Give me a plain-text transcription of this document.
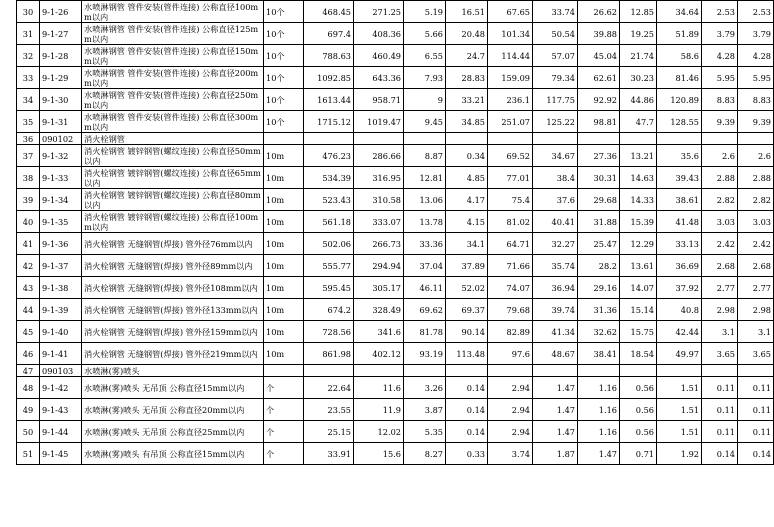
30	9-1-26	水喷淋钢管 管件安装(管件连接) 公称直径100mm以内	10个	468.45	271.25	5.19	16.51	67.65	33.74	26.62	12.85	34.64	2.53	2.53
31	9-1-27	水喷淋钢管 管件安装(管件连接) 公称直径125mm以内	10个	697.4	408.36	5.66	20.48	101.34	50.54	39.88	19.25	51.89	3.79	3.79
32	9-1-28	水喷淋钢管 管件安装(管件连接) 公称直径150mm以内	10个	788.63	460.49	6.55	24.7	114.44	57.07	45.04	21.74	58.6	4.28	4.28
33	9-1-29	水喷淋钢管 管件安装(管件连接) 公称直径200mm以内	10个	1092.85	643.36	7.93	28.83	159.09	79.34	62.61	30.23	81.46	5.95	5.95
34	9-1-30	水喷淋钢管 管件安装(管件连接) 公称直径250mm以内	10个	1613.44	958.71	9	33.21	236.1	117.75	92.92	44.86	120.89	8.83	8.83
35	9-1-31	水喷淋钢管 管件安装(管件连接) 公称直径300mm以内	10个	1715.12	1019.47	9.45	34.85	251.07	125.22	98.81	47.7	128.55	9.39	9.39
36	090102	消火栓钢管												
37	9-1-32	消火栓钢管 镀锌钢管(螺纹连接) 公称直径50mm以内	10m	476.23	286.66	8.87	0.34	69.52	34.67	27.36	13.21	35.6	2.6	2.6
38	9-1-33	消火栓钢管 镀锌钢管(螺纹连接) 公称直径65mm以内	10m	534.39	316.95	12.81	4.85	77.01	38.4	30.31	14.63	39.43	2.88	2.88
39	9-1-34	消火栓钢管 镀锌钢管(螺纹连接) 公称直径80mm以内	10m	523.43	310.58	13.06	4.17	75.4	37.6	29.68	14.33	38.61	2.82	2.82
40	9-1-35	消火栓钢管 镀锌钢管(螺纹连接) 公称直径100mm以内	10m	561.18	333.07	13.78	4.15	81.02	40.41	31.88	15.39	41.48	3.03	3.03
41	9-1-36	消火栓钢管 无缝钢管(焊接) 管外径76mm以内	10m	502.06	266.73	33.36	34.1	64.71	32.27	25.47	12.29	33.13	2.42	2.42
42	9-1-37	消火栓钢管 无缝钢管(焊接) 管外径89mm以内	10m	555.77	294.94	37.04	37.89	71.66	35.74	28.2	13.61	36.69	2.68	2.68
43	9-1-38	消火栓钢管 无缝钢管(焊接) 管外径108mm以内	10m	595.45	305.17	46.11	52.02	74.07	36.94	29.16	14.07	37.92	2.77	2.77
44	9-1-39	消火栓钢管 无缝钢管(焊接) 管外径133mm以内	10m	674.2	328.49	69.62	69.37	79.68	39.74	31.36	15.14	40.8	2.98	2.98
45	9-1-40	消火栓钢管 无缝钢管(焊接) 管外径159mm以内	10m	728.56	341.6	81.78	90.14	82.89	41.34	32.62	15.75	42.44	3.1	3.1
46	9-1-41	消火栓钢管 无缝钢管(焊接) 管外径219mm以内	10m	861.98	402.12	93.19	113.48	97.6	48.67	38.41	18.54	49.97	3.65	3.65
47	090103	水喷淋(雾)喷头												
48	9-1-42	水喷淋(雾)喷头 无吊顶 公称直径15mm以内	个	22.64	11.6	3.26	0.14	2.94	1.47	1.16	0.56	1.51	0.11	0.11
49	9-1-43	水喷淋(雾)喷头 无吊顶 公称直径20mm以内	个	23.55	11.9	3.87	0.14	2.94	1.47	1.16	0.56	1.51	0.11	0.11
50	9-1-44	水喷淋(雾)喷头 无吊顶 公称直径25mm以内	个	25.15	12.02	5.35	0.14	2.94	1.47	1.16	0.56	1.51	0.11	0.11
51	9-1-45	水喷淋(雾)喷头 有吊顶 公称直径15mm以内	个	33.91	15.6	8.27	0.33	3.74	1.87	1.47	0.71	1.92	0.14	0.14
